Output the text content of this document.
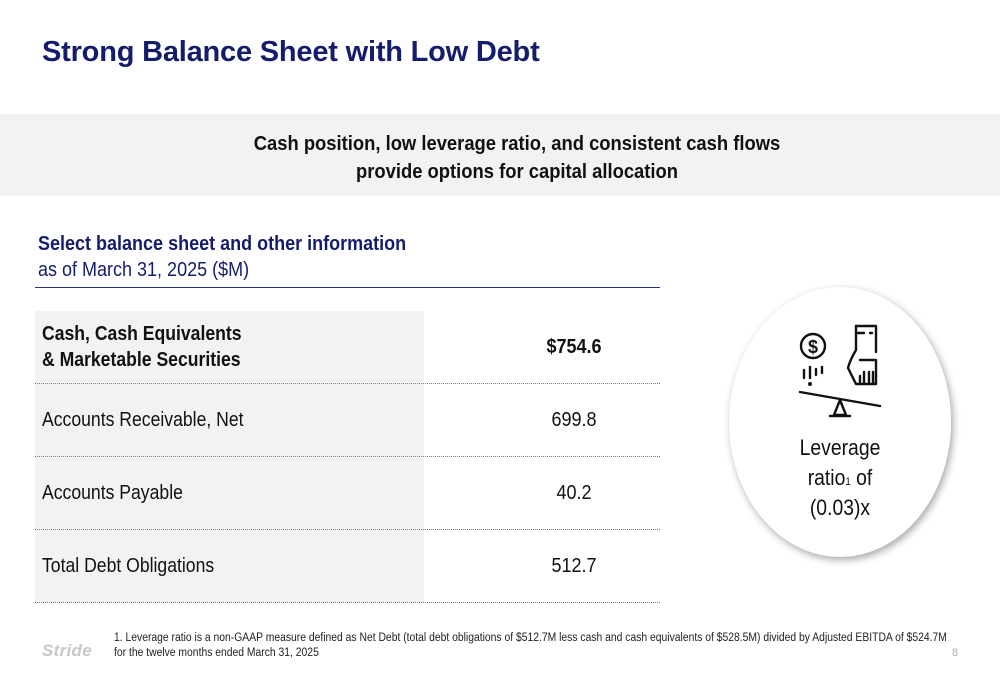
Strong Balance Sheet with Low Debt
Cash position, low leverage ratio, and consistent cash flows
provide options for capital allocation
Select balance sheet and other information
as of March 31, 2025 ($M)
Cash, Cash Equivalents
& Marketable Securities
$754.6
Accounts Receivable, Net	699.8
Accounts Payable	40.2
Total Debt Obligations	512.7
$
Leverage
ratio$^1$ of
(0.03)x
Stride
1. Leverage ratio is a non-GAAP measure defined as Net Debt (total debt obligations of $512.7M less cash and cash equivalents of $528.5M) divided by Adjusted EBITDA of $524.7M
for the twelve months ended March 31, 2025	8
